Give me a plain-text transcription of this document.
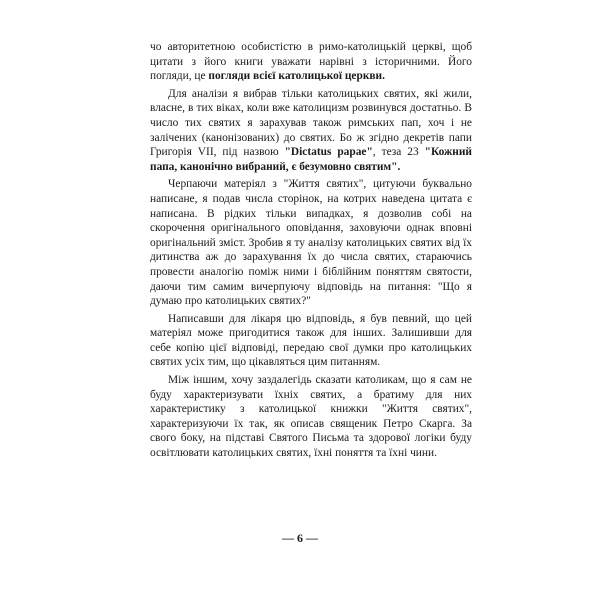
чо авторитетною особистістю в римо-католицькій церкві, щоб цитати з його книги уважати нарівні з історичними. Його погляди, це погляди всієї католицької церкви.

Для аналізи я вибрав тільки католицьких святих, які жили, власне, в тих віках, коли вже католицизм розвинувся достатньо. В число тих святих я зарахував також римських пап, хоч і не залічених (канонізованих) до святих. Бо ж згідно декретів папи Григорія VII, під назвою "Dictatus papae", теза 23 "Кожний папа, канонічно вибраний, є безумовно святим".

Черпаючи матеріял з "Життя святих", цитуючи буквально написане, я подав числа сторінок, на котрих наведена цитата є написана. В рідких тільки випадках, я дозволив собі на скорочення оригінального оповідання, заховуючи однак вповні оригінальний зміст. Зробив я ту аналізу католицьких святих від їх дитинства аж до зарахування їх до числа святих, стараючись провести аналогію поміж ними і біблійним поняттям святости, даючи тим самим вичерпуючу відповідь на питання: "Що я думаю про католицьких святих?"

Написавши для лікаря цю відповідь, я був певний, що цей матеріял може пригодитися також для інших. Залишивши для себе копію цієї відповіді, передаю свої думки про католицьких святих усіх тим, що цікавляться цим питанням.

Між іншим, хочу заздалегідь сказати католикам, що я сам не буду характеризувати їхніх святих, а братиму для них характеристику з католицької книжки "Життя святих", характеризуючи їх так, як описав священик Петро Скарга. За свого боку, на підставі Святого Письма та здорової логіки буду освітлювати католицьких святих, їхні поняття та їхні чини.

— 6 —
